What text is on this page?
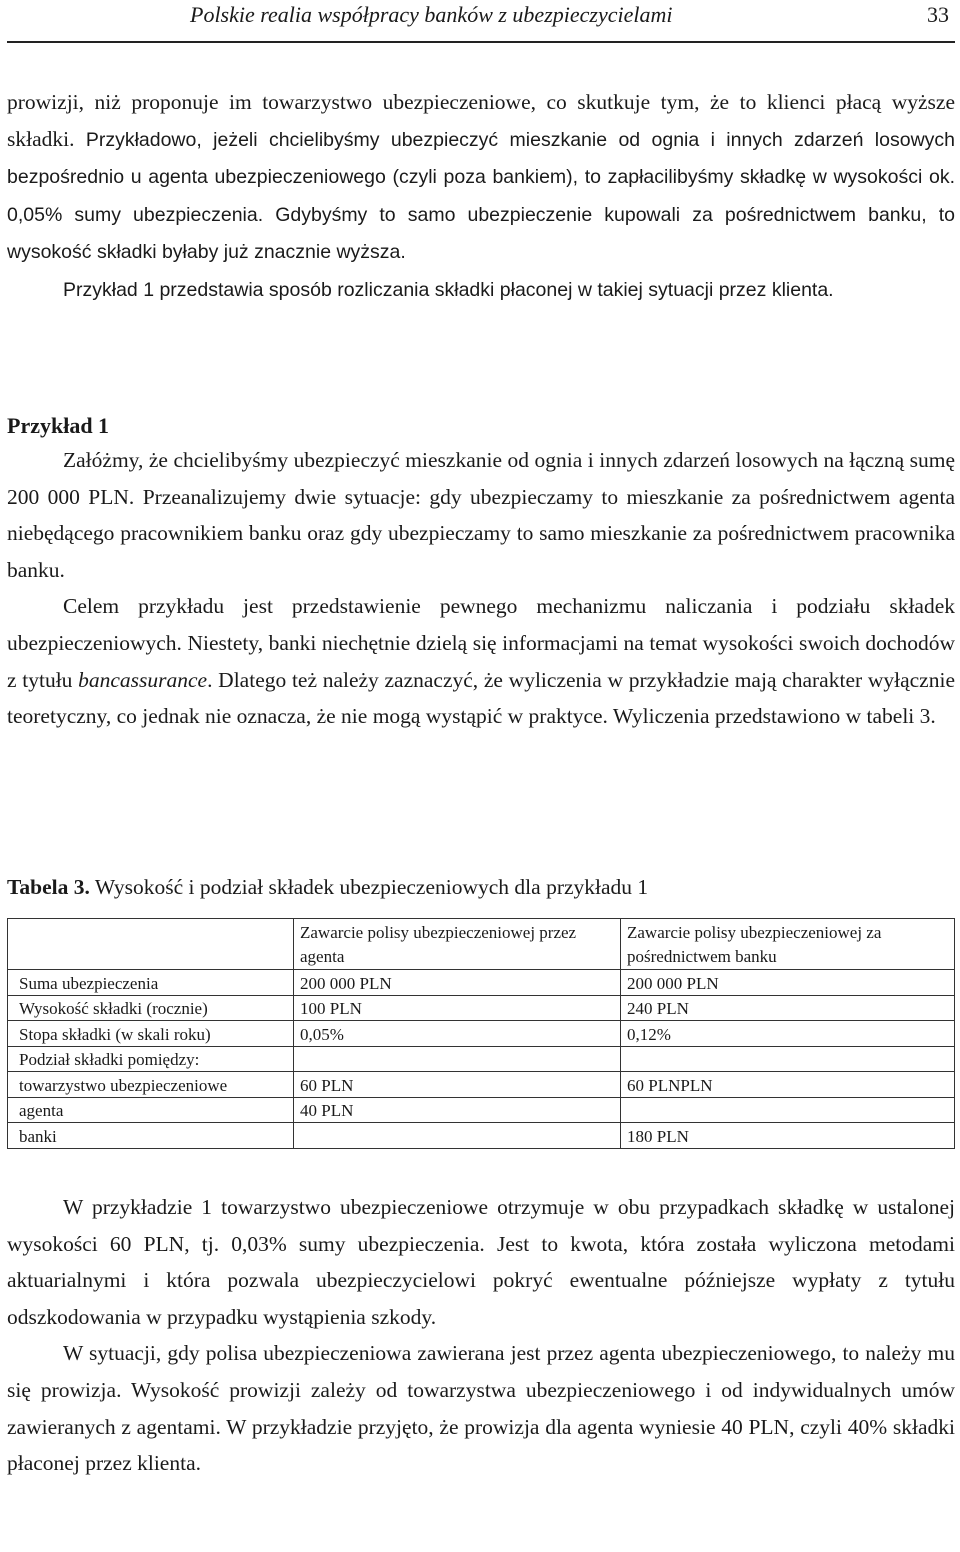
Polskie realia współpracy banków z ubezpieczycielami	33

prowizji, niż proponuje im towarzystwo ubezpieczeniowe, co skutkuje tym, że to klienci płacą wyższe składki. Przykładowo, jeżeli chcielibyśmy ubezpieczyć mieszkanie od ognia i innych zdarzeń losowych bezpośrednio u agenta ubezpieczeniowego (czyli poza bankiem), to zapłacilibyśmy składkę w wysokości ok. 0,05% sumy ubezpieczenia. Gdybyśmy to samo ubezpieczenie kupowali za pośrednictwem banku, to wysokość składki byłaby już znacznie wyższa.

Przykład 1 przedstawia sposób rozliczania składki płaconej w takiej sytuacji przez klienta.

Przykład 1

Załóżmy, że chcielibyśmy ubezpieczyć mieszkanie od ognia i innych zdarzeń losowych na łączną sumę 200 000 PLN. Przeanalizujemy dwie sytuacje: gdy ubezpieczamy to mieszkanie za pośrednictwem agenta niebędącego pracownikiem banku oraz gdy ubezpieczamy to samo mieszkanie za pośrednictwem pracownika banku.

Celem przykładu jest przedstawienie pewnego mechanizmu naliczania i podziału składek ubezpieczeniowych. Niestety, banki niechętnie dzielą się informacjami na temat wysokości swoich dochodów z tytułu bancassurance. Dlatego też należy zaznaczyć, że wyliczenia w przykładzie mają charakter wyłącznie teoretyczny, co jednak nie oznacza, że nie mogą wystąpić w praktyce. Wyliczenia przedstawiono w tabeli 3.

Tabela 3. Wysokość i podział składek ubezpieczeniowych dla przykładu 1
	Zawarcie polisy ubezpieczeniowej przez agenta	Zawarcie polisy ubezpieczeniowej za pośrednictwem banku
Suma ubezpieczenia	200 000 PLN	200 000 PLN
Wysokość składki (rocznie)	100 PLN	240 PLN
Stopa składki (w skali roku)	0,05%	0,12%
Podział składki pomiędzy:		
towarzystwo ubezpieczeniowe	60 PLN	60 PLNPLN
agenta	40 PLN	
banki		180 PLN

W przykładzie 1 towarzystwo ubezpieczeniowe otrzymuje w obu przypadkach składkę w ustalonej wysokości 60 PLN, tj. 0,03% sumy ubezpieczenia. Jest to kwota, która została wyliczona metodami aktuarialnymi i która pozwala ubezpieczycielowi pokryć ewentualne późniejsze wypłaty z tytułu odszkodowania w przypadku wystąpienia szkody.

W sytuacji, gdy polisa ubezpieczeniowa zawierana jest przez agenta ubezpieczeniowego, to należy mu się prowizja. Wysokość prowizji zależy od towarzystwa ubezpieczeniowego i od indywidualnych umów zawieranych z agentami. W przykładzie przyjęto, że prowizja dla agenta wyniesie 40 PLN, czyli 40% składki płaconej przez klienta.
